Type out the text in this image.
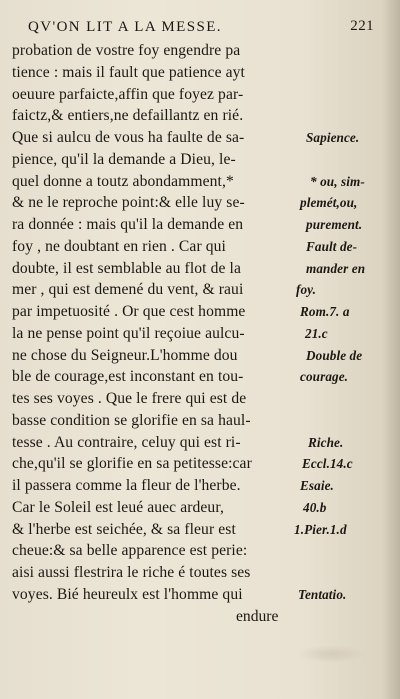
QV'ON LIT A LA MESSE.	221
probation de vostre foy engendre pa
tience : mais il fault que patience ayt
oeuure parfaicte,affin que foyez par-
faictz,& entiers,ne defaillantz en rié.
Que si aulcu de vous ha faulte de sa-	Sapience.
pience, qu'il la demande a Dieu, le-
quel donne a toutz abondamment,*	* ou, sim-
& ne le reproche point:& elle luy se-	plemét,ou,
ra donnée : mais qu'il la demande en	purement.
foy , ne doubtant en rien . Car qui	Fault de-
doubte, il est semblable au flot de la	mander en
mer , qui est demené du vent, & raui	foy.
par impetuosité . Or que cest homme	Rom.7. a
la ne pense point qu'il reçoiue aulcu-	21.c
ne chose du Seigneur.L'homme dou	Double de
ble de courage,est inconstant en tou-	courage.
tes ses voyes . Que le frere qui est de
basse condition se glorifie en sa haul-
tesse . Au contraire, celuy qui est ri-	Riche.
che,qu'il se glorifie en sa petitesse:car	Eccl.14.c
il passera comme la fleur de l'herbe.	Esaie.
Car le Soleil est leué auec ardeur,	40.b
& l'herbe est seichée, & sa fleur est	1.Pier.1.d
cheue:& sa belle apparence est perie:
aisi aussi flestrira le riche é toutes ses
voyes. Bié heureulx est l'homme qui	Tentatio.
endure
